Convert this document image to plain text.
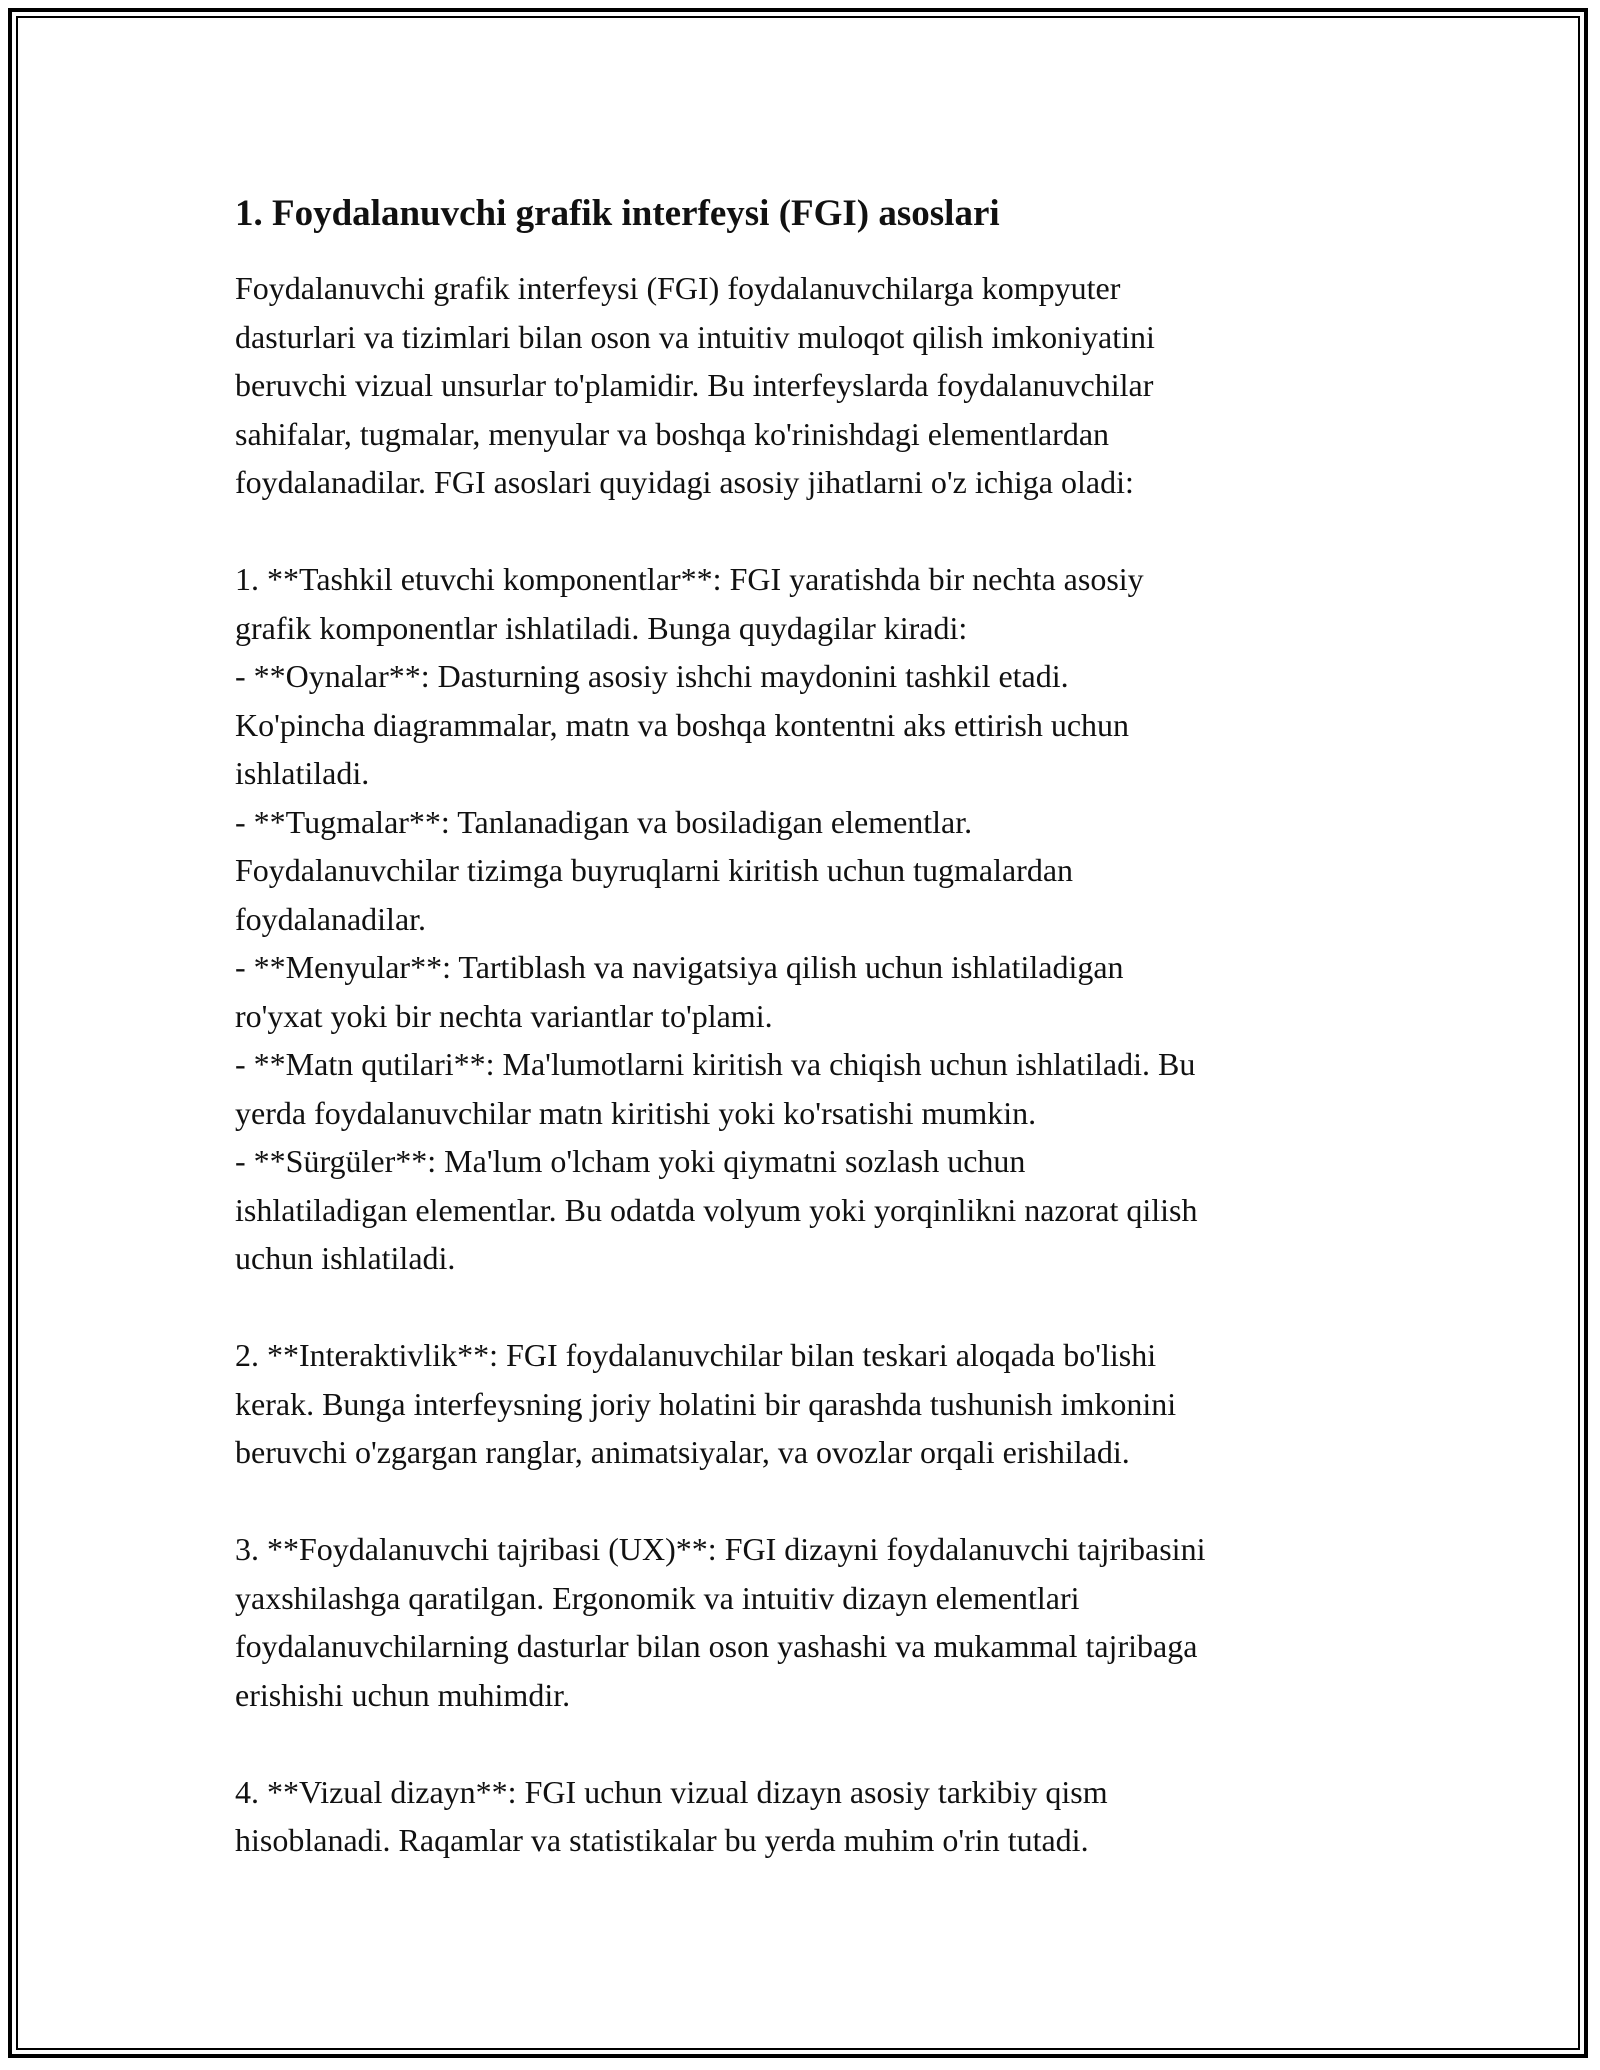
1. Foydalanuvchi grafik interfeysi (FGI) asoslari

Foydalanuvchi grafik interfeysi (FGI) foydalanuvchilarga kompyuter
dasturlari va tizimlari bilan oson va intuitiv muloqot qilish imkoniyatini
beruvchi vizual unsurlar to'plamidir. Bu interfeyslarda foydalanuvchilar
sahifalar, tugmalar, menyular va boshqa ko'rinishdagi elementlardan
foydalanadilar. FGI asoslari quyidagi asosiy jihatlarni o'z ichiga oladi:

1. **Tashkil etuvchi komponentlar**: FGI yaratishda bir nechta asosiy
grafik komponentlar ishlatiladi. Bunga quydagilar kiradi:
- **Oynalar**: Dasturning asosiy ishchi maydonini tashkil etadi.
Ko'pincha diagrammalar, matn va boshqa kontentni aks ettirish uchun
ishlatiladi.
- **Tugmalar**: Tanlanadigan va bosiladigan elementlar.
Foydalanuvchilar tizimga buyruqlarni kiritish uchun tugmalardan
foydalanadilar.
- **Menyular**: Tartiblash va navigatsiya qilish uchun ishlatiladigan
ro'yxat yoki bir nechta variantlar to'plami.
- **Matn qutilari**: Ma'lumotlarni kiritish va chiqish uchun ishlatiladi. Bu
yerda foydalanuvchilar matn kiritishi yoki ko'rsatishi mumkin.
- **Sürgüler**: Ma'lum o'lcham yoki qiymatni sozlash uchun
ishlatiladigan elementlar. Bu odatda volyum yoki yorqinlikni nazorat qilish
uchun ishlatiladi.

2. **Interaktivlik**: FGI foydalanuvchilar bilan teskari aloqada bo'lishi
kerak. Bunga interfeysning joriy holatini bir qarashda tushunish imkonini
beruvchi o'zgargan ranglar, animatsiyalar, va ovozlar orqali erishiladi.

3. **Foydalanuvchi tajribasi (UX)**: FGI dizayni foydalanuvchi tajribasini
yaxshilashga qaratilgan. Ergonomik va intuitiv dizayn elementlari
foydalanuvchilarning dasturlar bilan oson yashashi va mukammal tajribaga
erishishi uchun muhimdir.

4. **Vizual dizayn**: FGI uchun vizual dizayn asosiy tarkibiy qism
hisoblanadi. Raqamlar va statistikalar bu yerda muhim o'rin tutadi.
